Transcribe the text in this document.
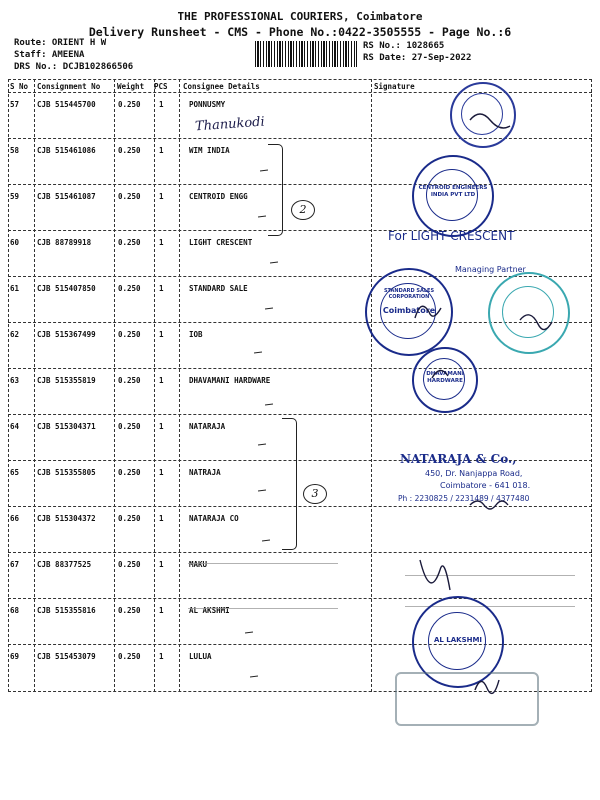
THE PROFESSIONAL COURIERS, Coimbatore
Delivery Runsheet - CMS - Phone No.:0422-3505555 - Page No.:6
Route: ORIENT H W
Staff: AMEENA
DRS No.: DCJB102866506
RS No.: 1028665
RS Date: 27-Sep-2022
S No Consignment No Weight PCS Consignee Details	Signature
57 CJB 515445700	0.250 1	PONNUSMY
58 CJB 515461086	0.250 1	WIM INDIA
59 CJB 515461087	0.250 1	CENTROID ENGG
60 CJB 88789918	0.250 1	LIGHT CRESCENT
61 CJB 515407850	0.250 1	STANDARD SALE
62 CJB 515367499	0.250 1	IOB
63 CJB 515355819	0.250 1	DHAVAMANI HARDWARE
64 CJB 515304371	0.250 1	NATARAJA
65 CJB 515355805	0.250 1	NATRAJA
66 CJB 515304372	0.250 1	NATARAJA CO
67 CJB 88377525	0.250 1	MAKU
68 CJB 515355816	0.250 1	AL AKSHMI
69 CJB 515453079	0.250 1	LULUA
Thanukodi
2
3
CENTROID ENGINEERS INDIA PVT LTD
For LIGHT CRESCENT
Managing Partner
STANDARD SALES CORPORATION
Coimbatore
DHAVAMANI HARDWARE
NATARAJA & Co.,
450, Dr. Nanjappa Road,
Coimbatore - 641 018.
Ph : 2230825 / 2231489 / 4377480
AL LAKSHMI
